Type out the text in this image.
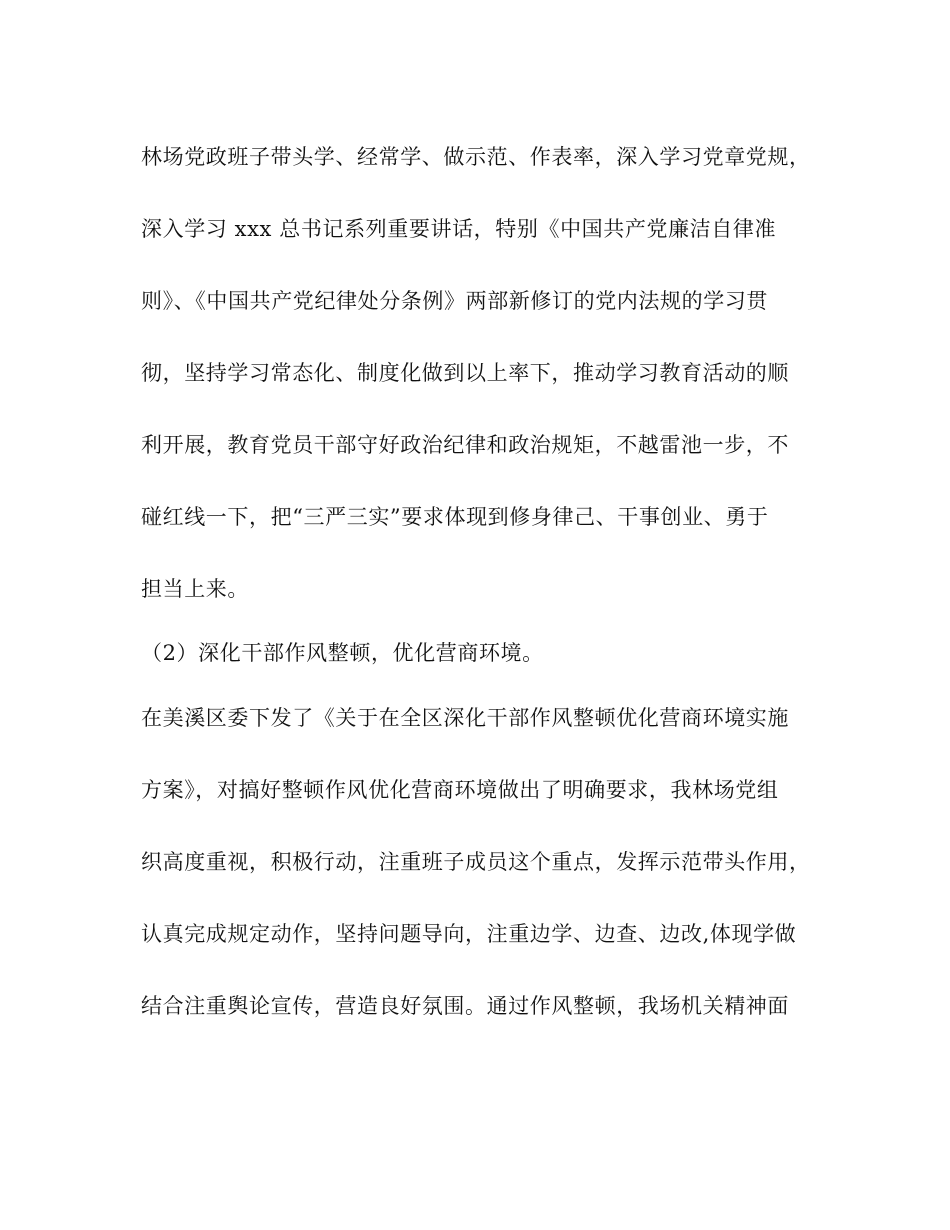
林场党政班子带头学、经常学、做示范、作表率，深入学习党章党规，
深入学习 xxx 总书记系列重要讲话，特别《中国共产党廉洁自律准
则》、《中国共产党纪律处分条例》两部新修订的党内法规的学习贯
彻，坚持学习常态化、制度化做到以上率下，推动学习教育活动的顺
利开展，教育党员干部守好政治纪律和政治规矩，不越雷池一步，不
碰红线一下，把“三严三实”要求体现到修身律己、干事创业、勇于
担当上来。
（2）深化干部作风整顿，优化营商环境。
在美溪区委下发了《关于在全区深化干部作风整顿优化营商环境实施
方案》，对搞好整顿作风优化营商环境做出了明确要求，我林场党组
织高度重视，积极行动，注重班子成员这个重点，发挥示范带头作用，
认真完成规定动作，坚持问题导向，注重边学、边查、边改,体现学做
结合注重舆论宣传，营造良好氛围。通过作风整顿，我场机关精神面
